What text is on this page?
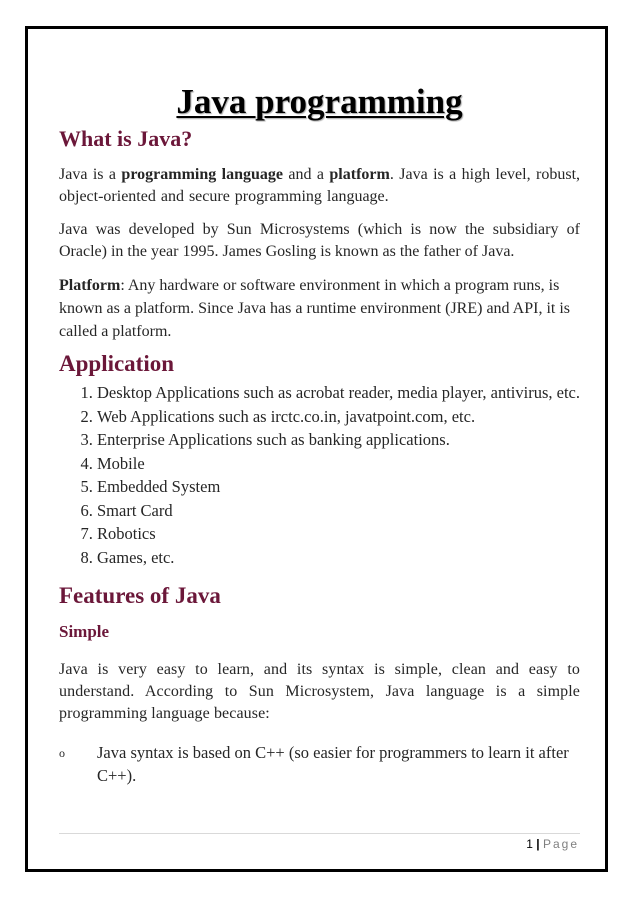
Java programming
What is Java?

Java is a programming language and a platform. Java is a high level, robust, object-oriented and secure programming language.

Java was developed by Sun Microsystems (which is now the subsidiary of Oracle) in the year 1995. James Gosling is known as the father of Java.

Platform: Any hardware or software environment in which a program runs, is known as a platform. Since Java has a runtime environment (JRE) and API, it is called a platform.

Application
1. Desktop Applications such as acrobat reader, media player, antivirus, etc.
2. Web Applications such as irctc.co.in, javatpoint.com, etc.
3. Enterprise Applications such as banking applications.
4. Mobile
5. Embedded System
6. Smart Card
7. Robotics
8. Games, etc.
Features of Java
Simple

Java is very easy to learn, and its syntax is simple, clean and easy to understand. According to Sun Microsystem, Java language is a simple programming language because:

o Java syntax is based on C++ (so easier for programmers to learn it after C++).
1 | Page
